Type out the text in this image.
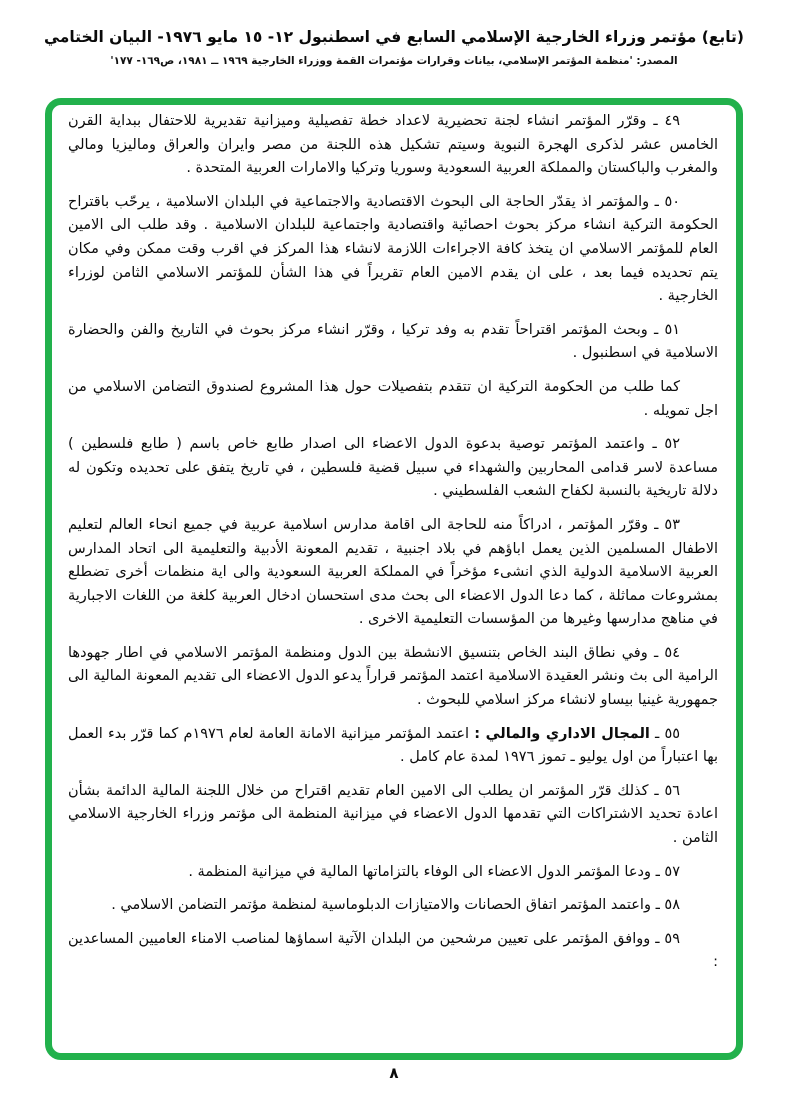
(تابع) مؤتمر وزراء الخارجية الإسلامي السابع في اسطنبول ١٢- ١٥ مايو ١٩٧٦- البيان الختامي
المصدر: 'منظمة المؤتمر الإسلامي، بيانات وقرارات مؤتمرات القمة ووزراء الخارجية ١٩٦٩ ــ ١٩٨١، ص١٦٩- ١٧٧'

٤٩ ـ وقرّر المؤتمر انشاء لجنة تحضيرية لاعداد خطة تفصيلية وميزانية تقديرية للاحتفال ببداية القرن الخامس عشر لذكرى الهجرة النبوية وسيتم تشكيل هذه اللجنة من مصر وايران والعراق وماليزيا ومالي والمغرب والباكستان والمملكة العربية السعودية وسوريا وتركيا والامارات العربية المتحدة .

٥٠ ـ والمؤتمر اذ يقدّر الحاجة الى البحوث الاقتصادية والاجتماعية في البلدان الاسلامية ، يرحّب باقتراح الحكومة التركية انشاء مركز بحوث احصائية واقتصادية واجتماعية للبلدان الاسلامية . وقد طلب الى الامين العام للمؤتمر الاسلامي ان يتخذ كافة الاجراءات اللازمة لانشاء هذا المركز في اقرب وقت ممكن وفي مكان يتم تحديده فيما بعد ، على ان يقدم الامين العام تقريراً في هذا الشأن للمؤتمر الاسلامي الثامن لوزراء الخارجية .

٥١ ـ وبحث المؤتمر اقتراحاً تقدم به وفد تركيا ، وقرّر انشاء مركز بحوث في التاريخ والفن والحضارة الاسلامية في اسطنبول .

كما طلب من الحكومة التركية ان تتقدم بتفصيلات حول هذا المشروع لصندوق التضامن الاسلامي من اجل تمويله .

٥٢ ـ واعتمد المؤتمر توصية بدعوة الدول الاعضاء الى اصدار طابع خاص باسم ( طابع فلسطين ) مساعدة لاسر قدامى المحاربين والشهداء في سبيل قضية فلسطين ، في تاريخ يتفق على تحديده وتكون له دلالة تاريخية بالنسبة لكفاح الشعب الفلسطيني .

٥٣ ـ وقرّر المؤتمر ، ادراكاً منه للحاجة الى اقامة مدارس اسلامية عربية في جميع انحاء العالم لتعليم الاطفال المسلمين الذين يعمل اباؤهم في بلاد اجنبية ، تقديم المعونة الأدبية والتعليمية الى اتحاد المدارس العربية الاسلامية الدولية الذي انشىء مؤخراً في المملكة العربية السعودية والى اية منظمات أخرى تضطلع بمشروعات مماثلة ، كما دعا الدول الاعضاء الى بحث مدى استحسان ادخال العربية كلغة من اللغات الاجبارية في مناهج مدارسها وغيرها من المؤسسات التعليمية الاخرى .

٥٤ ـ وفي نطاق البند الخاص بتنسيق الانشطة بين الدول ومنظمة المؤتمر الاسلامي في اطار جهودها الرامية الى بث ونشر العقيدة الاسلامية اعتمد المؤتمر قراراً يدعو الدول الاعضاء الى تقديم المعونة المالية الى جمهورية غينيا بيساو لانشاء مركز اسلامي للبحوث .

٥٥ ـ المجال الاداري والمالي : اعتمد المؤتمر ميزانية الامانة العامة لعام ١٩٧٦م كما قرّر بدء العمل بها اعتباراً من اول يوليو ـ تموز ١٩٧٦ لمدة عام كامل .

٥٦ ـ كذلك قرّر المؤتمر ان يطلب الى الامين العام تقديم اقتراح من خلال اللجنة المالية الدائمة بشأن اعادة تحديد الاشتراكات التي تقدمها الدول الاعضاء في ميزانية المنظمة الى مؤتمر وزراء الخارجية الاسلامي الثامن .

٥٧ ـ ودعا المؤتمر الدول الاعضاء الى الوفاء بالتزاماتها المالية في ميزانية المنظمة .

٥٨ ـ واعتمد المؤتمر اتفاق الحصانات والامتيازات الدبلوماسية لمنظمة مؤتمر التضامن الاسلامي .

٥٩ ـ ووافق المؤتمر على تعيين مرشحين من البلدان الآتية اسماؤها لمناصب الامناء العاميين المساعدين :

٨
